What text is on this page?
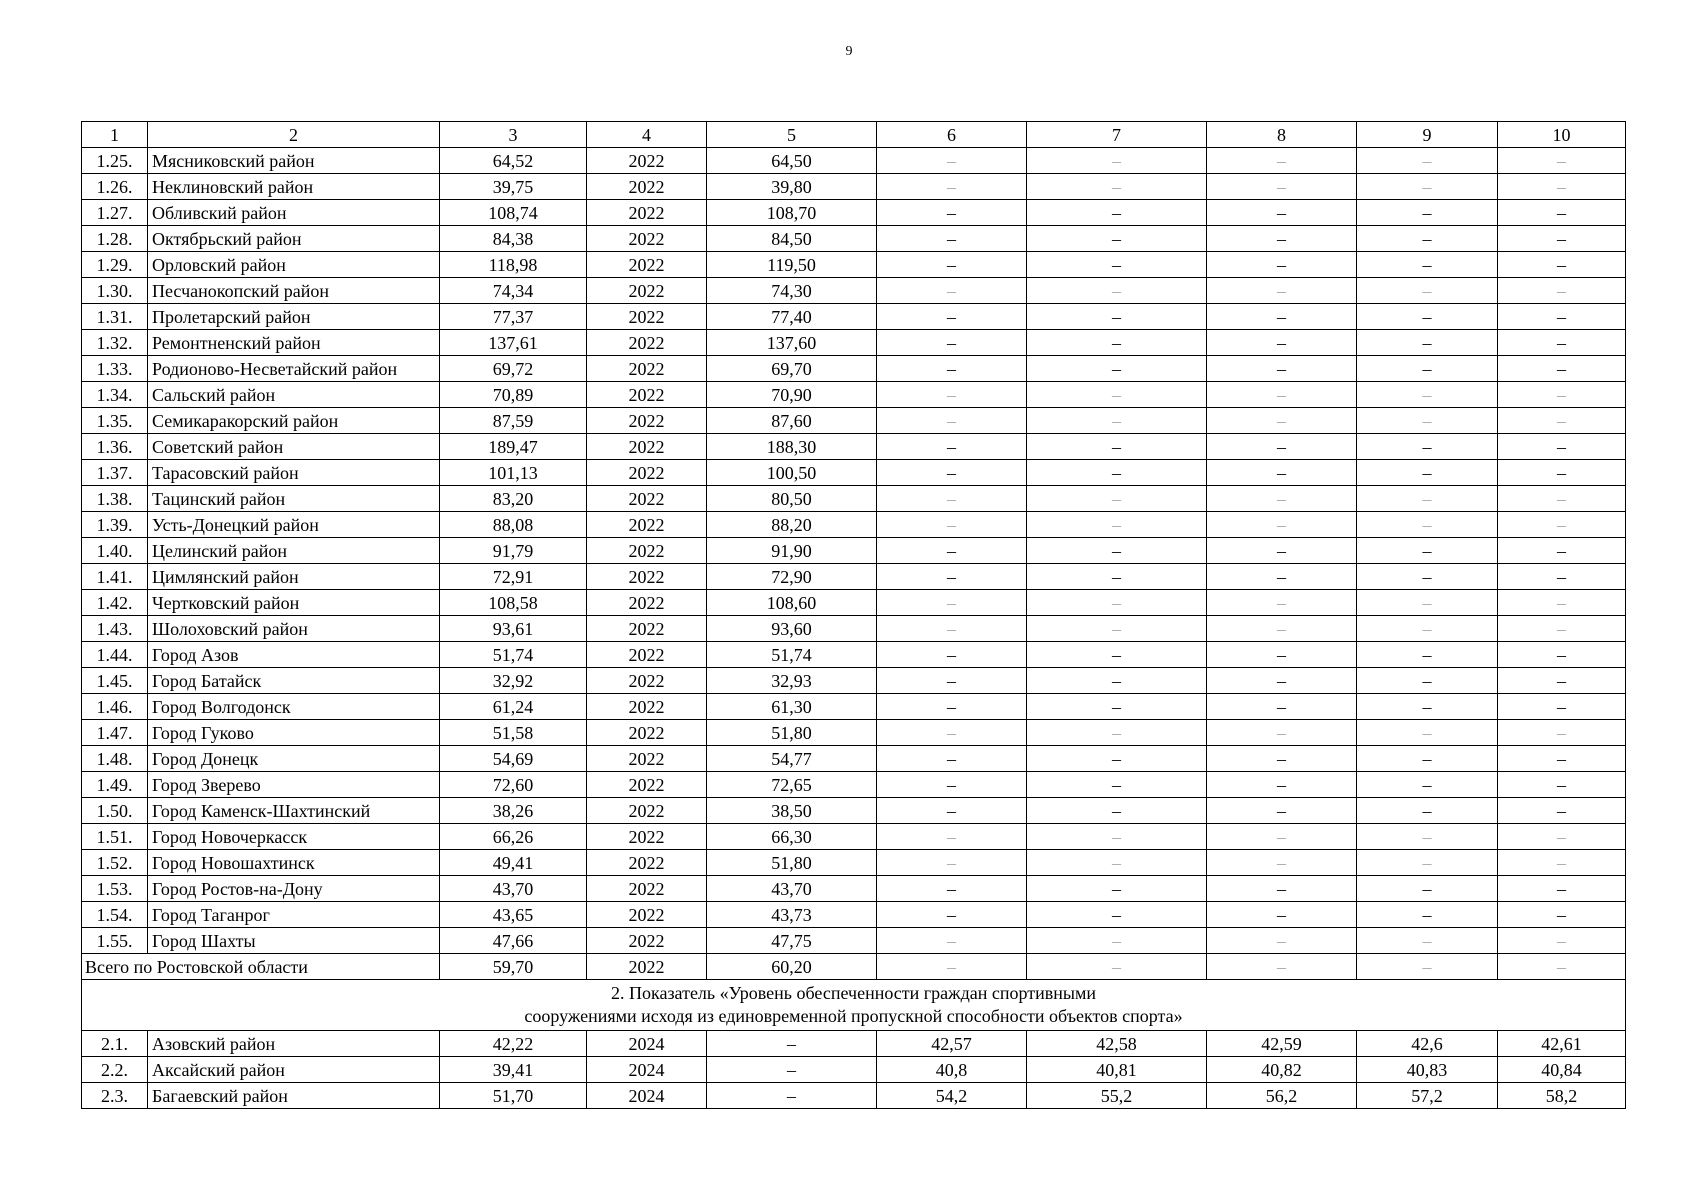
9
1	2	3	4	5	6	7	8	9	10
1.25.	Мясниковский район	64,52	2022	64,50	–	–	–	–	–
1.26.	Неклиновский район	39,75	2022	39,80	–	–	–	–	–
1.27.	Обливский район	108,74	2022	108,70	–	–	–	–	–
1.28.	Октябрьский район	84,38	2022	84,50	–	–	–	–	–
1.29.	Орловский район	118,98	2022	119,50	–	–	–	–	–
1.30.	Песчанокопский район	74,34	2022	74,30	–	–	–	–	–
1.31.	Пролетарский район	77,37	2022	77,40	–	–	–	–	–
1.32.	Ремонтненский район	137,61	2022	137,60	–	–	–	–	–
1.33.	Родионово-Несветайский район	69,72	2022	69,70	–	–	–	–	–
1.34.	Сальский район	70,89	2022	70,90	–	–	–	–	–
1.35.	Семикаракорский район	87,59	2022	87,60	–	–	–	–	–
1.36.	Советский район	189,47	2022	188,30	–	–	–	–	–
1.37.	Тарасовский район	101,13	2022	100,50	–	–	–	–	–
1.38.	Тацинский район	83,20	2022	80,50	–	–	–	–	–
1.39.	Усть-Донецкий район	88,08	2022	88,20	–	–	–	–	–
1.40.	Целинский район	91,79	2022	91,90	–	–	–	–	–
1.41.	Цимлянский район	72,91	2022	72,90	–	–	–	–	–
1.42.	Чертковский район	108,58	2022	108,60	–	–	–	–	–
1.43.	Шолоховский район	93,61	2022	93,60	–	–	–	–	–
1.44.	Город Азов	51,74	2022	51,74	–	–	–	–	–
1.45.	Город Батайск	32,92	2022	32,93	–	–	–	–	–
1.46.	Город Волгодонск	61,24	2022	61,30	–	–	–	–	–
1.47.	Город Гуково	51,58	2022	51,80	–	–	–	–	–
1.48.	Город Донецк	54,69	2022	54,77	–	–	–	–	–
1.49.	Город Зверево	72,60	2022	72,65	–	–	–	–	–
1.50.	Город Каменск-Шахтинский	38,26	2022	38,50	–	–	–	–	–
1.51.	Город Новочеркасск	66,26	2022	66,30	–	–	–	–	–
1.52.	Город Новошахтинск	49,41	2022	51,80	–	–	–	–	–
1.53.	Город Ростов-на-Дону	43,70	2022	43,70	–	–	–	–	–
1.54.	Город Таганрог	43,65	2022	43,73	–	–	–	–	–
1.55.	Город Шахты	47,66	2022	47,75	–	–	–	–	–
Всего по Ростовской области		59,70	2022	60,20	–	–	–	–	–

2. Показатель «Уровень обеспеченности граждан спортивными
сооружениями исходя из единовременной пропускной способности объектов спорта»									

2.1.	Азовский район	42,22	2024	–	42,57	42,58	42,59	42,6	42,61
2.2.	Аксайский район	39,41	2024	–	40,8	40,81	40,82	40,83	40,84
2.3.	Багаевский район	51,70	2024	–	54,2	55,2	56,2	57,2	58,2
